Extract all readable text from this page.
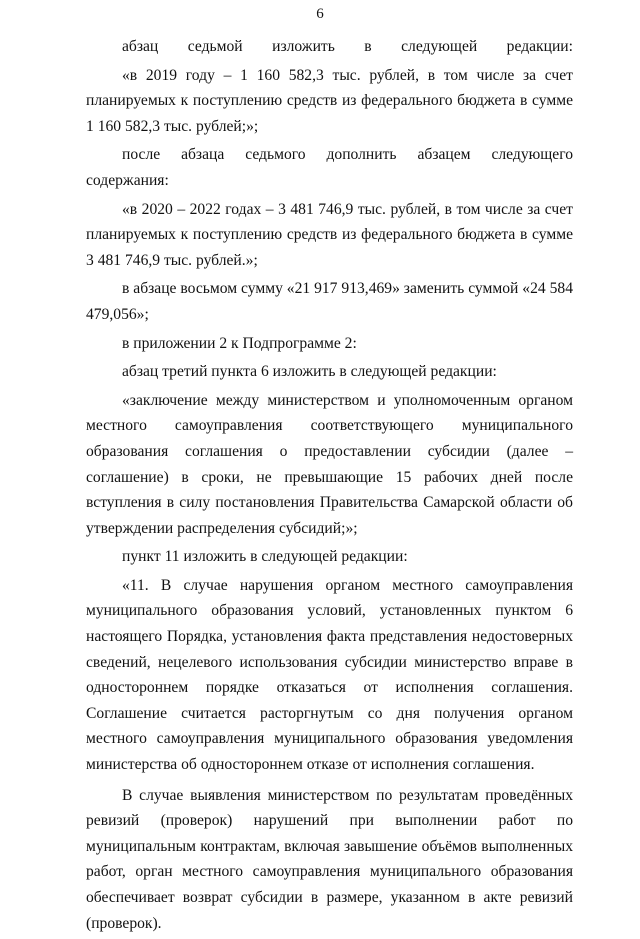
6

абзац седьмой изложить в следующей редакции:

«в 2019 году – 1 160 582,3 тыс. рублей, в том числе за счет планируемых к поступлению средств из федерального бюджета в сумме 1 160 582,3 тыс. рублей;»;

после абзаца седьмого дополнить абзацем следующего содержания:

«в 2020 – 2022 годах – 3 481 746,9 тыс. рублей, в том числе за счет планируемых к поступлению средств из федерального бюджета в сумме 3 481 746,9 тыс. рублей.»;

в абзаце восьмом сумму «21 917 913,469» заменить суммой «24 584 479,056»;

в приложении 2 к Подпрограмме 2:

абзац третий пункта 6 изложить в следующей редакции:

«заключение между министерством и уполномоченным органом местного самоуправления соответствующего муниципального образования соглашения о предоставлении субсидии (далее – соглашение) в сроки, не превышающие 15 рабочих дней после вступления в силу постановления Правительства Самарской области об утверждении распределения субсидий;»;

пункт 11 изложить в следующей редакции:

«11. В случае нарушения органом местного самоуправления муниципального образования условий, установленных пунктом 6 настоящего Порядка, установления факта представления недостоверных сведений, нецелевого использования субсидии министерство вправе в одностороннем порядке отказаться от исполнения соглашения. Соглашение считается расторгнутым со дня получения органом местного самоуправления муниципального образования уведомления министерства об одностороннем отказе от исполнения соглашения.

В случае выявления министерством по результатам проведённых ревизий (проверок) нарушений при выполнении работ по муниципальным контрактам, включая завышение объёмов выполненных работ, орган местного самоуправления муниципального образования обеспечивает возврат субсидии в размере, указанном в акте ревизий (проверок).
